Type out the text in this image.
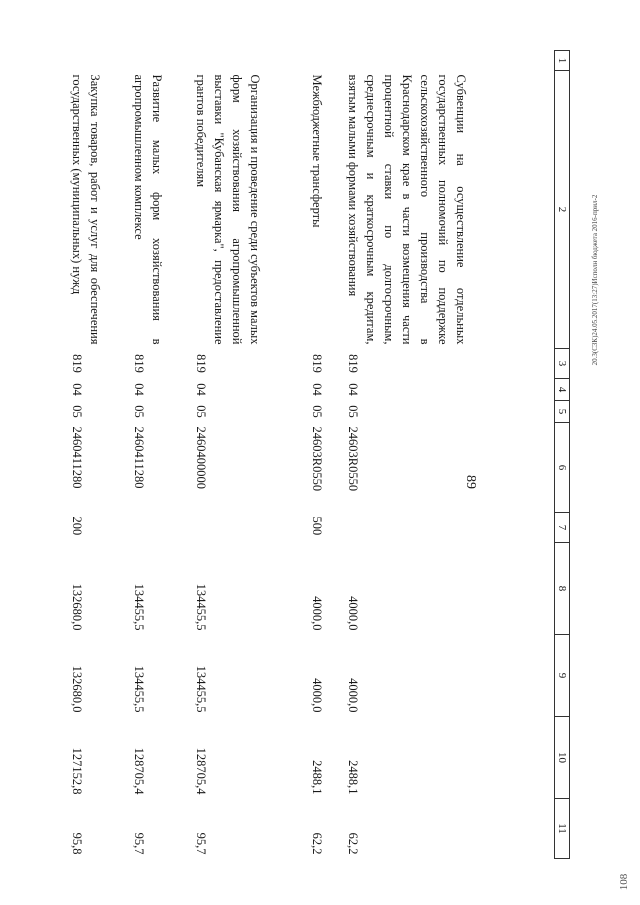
89
20.3(СЗК)24.05.2017(13:27)Исполн бюджета 2016-прил-2
108
1	2	3	4	5	6	7	8	9	10	11
	Субвенции на осуществление отдельных государственных полномочий по поддержке сельскохозяйственного производства в Краснодарском крае в части возмещения части процентной ставки по долгосрочным, среднесрочным и краткосрочным кредитам, взятым малыми формами хозяйствования	819	04	05	24603R0550		4000,0	4000,0	2488,1	62,2
	Межбюджетные трансферты	819	04	05	24603R0550	500	4000,0	4000,0	2488,1	62,2
	Организация и проведение среди субъектов малых форм хозяйствования агропромышленной выставки "Кубанская ярмарка", предоставление грантов победителям	819	04	05	2460400000		134455,5	134455,5	128705,4	95,7
	Развитие малых форм хозяйствования в агропромышленном комплексе	819	04	05	2460411280		134455,5	134455,5	128705,4	95,7
	Закупка товаров, работ и услуг для обеспечения государственных (муниципальных) нужд	819	04	05	2460411280	200	132680,0	132680,0	127152,8	95,8
